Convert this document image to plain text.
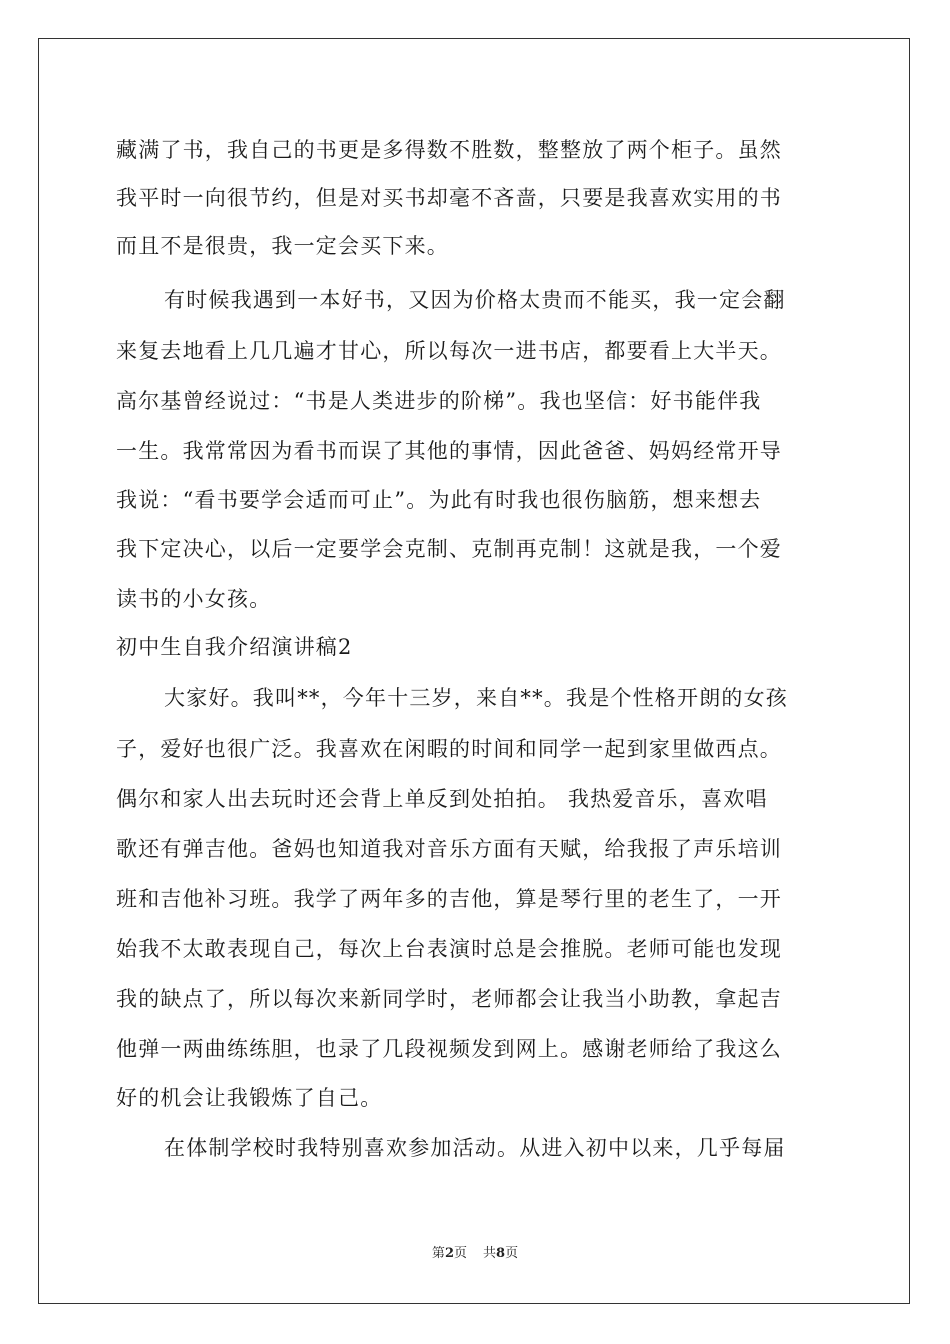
藏满了书，我自己的书更是多得数不胜数，整整放了两个柜子。虽然
我平时一向很节约，但是对买书却毫不吝啬，只要是我喜欢实用的书
而且不是很贵，我一定会买下来。
有时候我遇到一本好书，又因为价格太贵而不能买，我一定会翻
来复去地看上几几遍才甘心，所以每次一进书店，都要看上大半天。
高尔基曾经说过：“书是人类进步的阶梯”。我也坚信：好书能伴我
一生。我常常因为看书而误了其他的事情，因此爸爸、妈妈经常开导
我说：“看书要学会适而可止”。为此有时我也很伤脑筋，想来想去
我下定决心，以后一定要学会克制、克制再克制！这就是我，一个爱
读书的小女孩。
初中生自我介绍演讲稿2
大家好。我叫**，今年十三岁，来自**。我是个性格开朗的女孩
子，爱好也很广泛。我喜欢在闲暇的时间和同学一起到家里做西点。
偶尔和家人出去玩时还会背上单反到处拍拍。 我热爱音乐，喜欢唱
歌还有弹吉他。爸妈也知道我对音乐方面有天赋，给我报了声乐培训
班和吉他补习班。我学了两年多的吉他，算是琴行里的老生了，一开
始我不太敢表现自己，每次上台表演时总是会推脱。老师可能也发现
我的缺点了，所以每次来新同学时，老师都会让我当小助教，拿起吉
他弹一两曲练练胆，也录了几段视频发到网上。感谢老师给了我这么
好的机会让我锻炼了自己。
在体制学校时我特别喜欢参加活动。从进入初中以来，几乎每届
第2页 共8页
